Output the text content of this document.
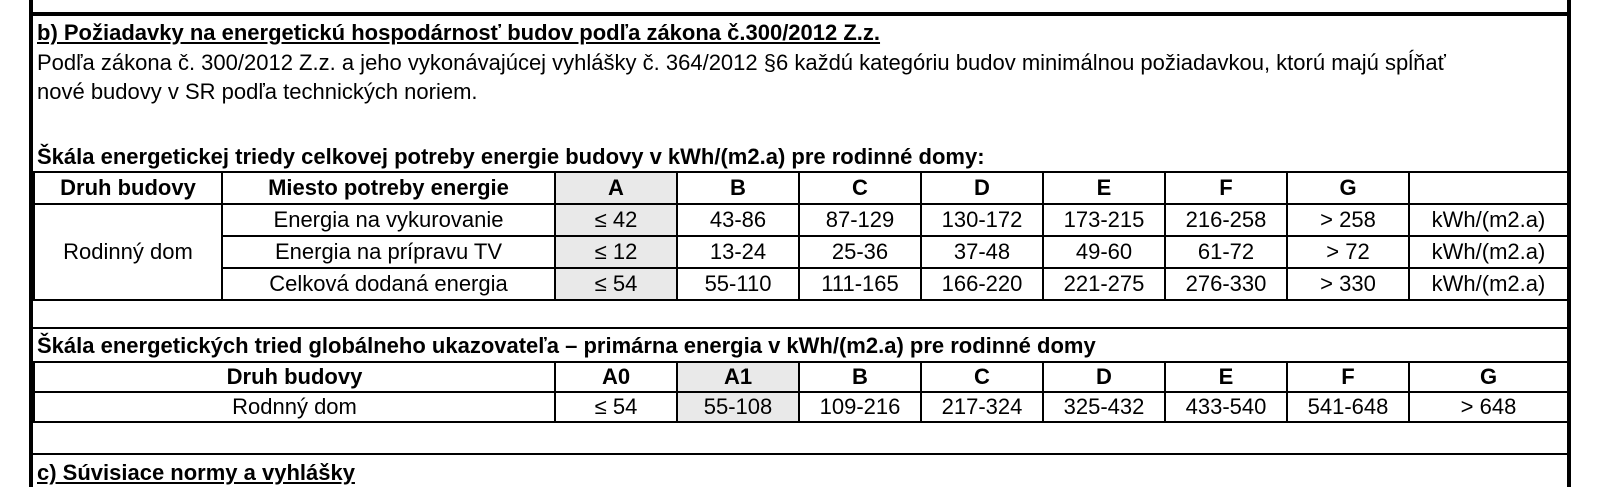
b) Požiadavky na energetickú hospodárnosť budov podľa zákona č.300/2012 Z.z.
Podľa zákona č. 300/2012 Z.z. a jeho vykonávajúcej vyhlášky č. 364/2012 §6 každú kategóriu budov minimálnou požiadavkou, ktorú majú spĺňať
nové budovy v SR podľa technických noriem.
Škála energetickej triedy celkovej potreby energie budovy v kWh/(m2.a) pre rodinné domy:
Druh budovy	Miesto potreby energie	A	B	C	D	E	F	G	
Rodinný dom	Energia na vykurovanie	≤ 42	43-86	87-129	130-172	173-215	216-258	> 258	kWh/(m2.a)
	Energia na prípravu TV	≤ 12	13-24	25-36	37-48	49-60	61-72	> 72	kWh/(m2.a)
	Celková dodaná energia	≤ 54	55-110	111-165	166-220	221-275	276-330	> 330	kWh/(m2.a)
Škála energetických tried globálneho ukazovateľa – primárna energia v kWh/(m2.a) pre rodinné domy
Druh budovy	A0	A1	B	C	D	E	F	G
Rodnný dom	≤ 54	55-108	109-216	217-324	325-432	433-540	541-648	> 648
c) Súvisiace normy a vyhlášky
